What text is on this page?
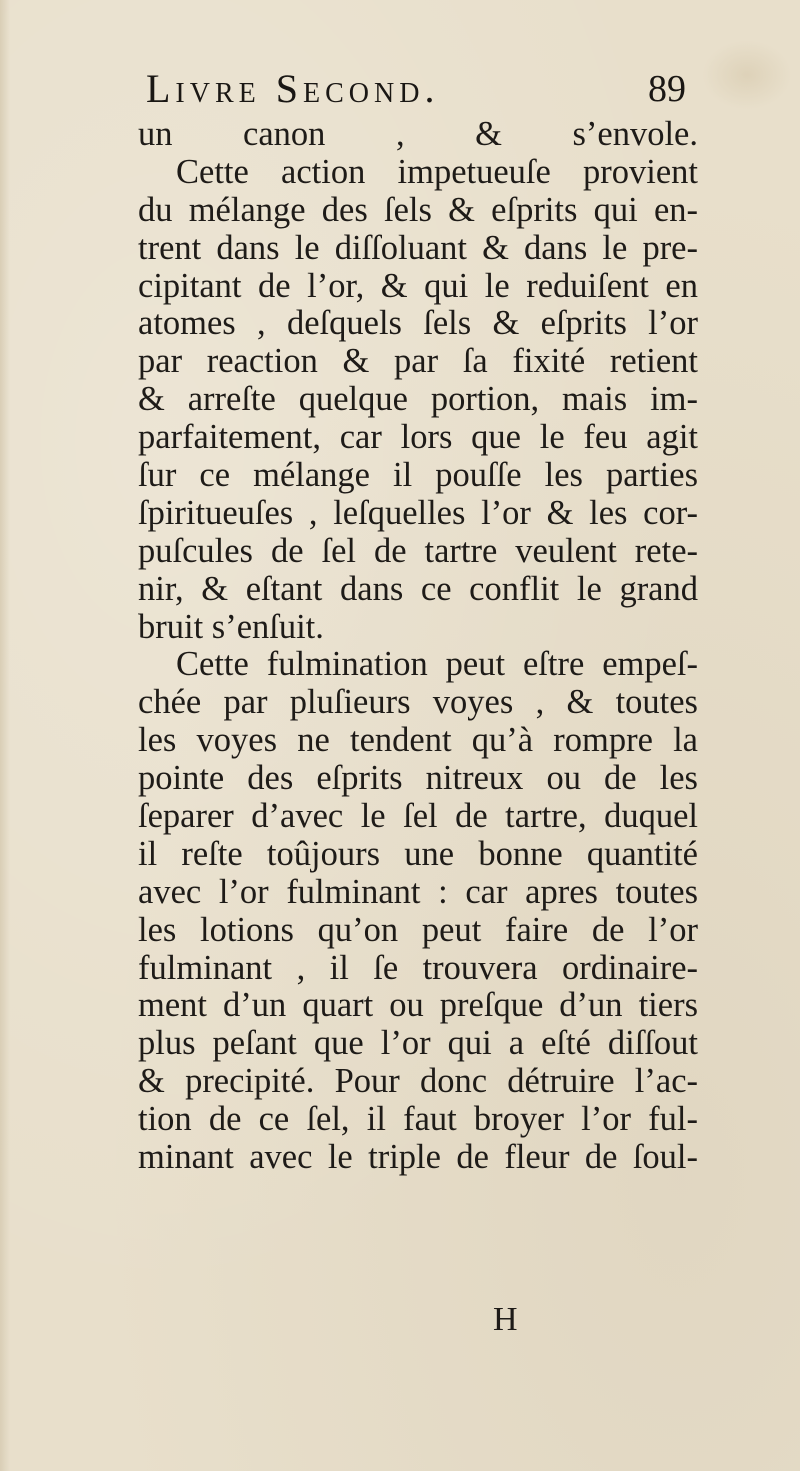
Livre Second.	89
un canon , & s’envole.
Cette action impetueuſe provient
du mélange des ſels & eſprits qui en-
trent dans le diſſoluant & dans le pre-
cipitant de l’or, & qui le reduiſent en
atomes , deſquels ſels & eſprits l’or
par reaction & par ſa fixité retient
& arreſte quelque portion, mais im-
parfaitement, car lors que le feu agit
ſur ce mélange il pouſſe les parties
ſpiritueuſes , leſquelles l’or & les cor-
puſcules de ſel de tartre veulent rete-
nir, & eſtant dans ce conflit le grand
bruit s’enſuit.
Cette fulmination peut eſtre empeſ-
chée par pluſieurs voyes , & toutes
les voyes ne tendent qu’à rompre la
pointe des eſprits nitreux ou de les
ſeparer d’avec le ſel de tartre, duquel
il reſte toûjours une bonne quantité
avec l’or fulminant : car apres toutes
les lotions qu’on peut faire de l’or
fulminant , il ſe trouvera ordinaire-
ment d’un quart ou preſque d’un tiers
plus peſant que l’or qui a eſté diſſout
& precipité. Pour donc détruire l’ac-
tion de ce ſel, il faut broyer l’or ful-
minant avec le triple de fleur de ſoul-
H
